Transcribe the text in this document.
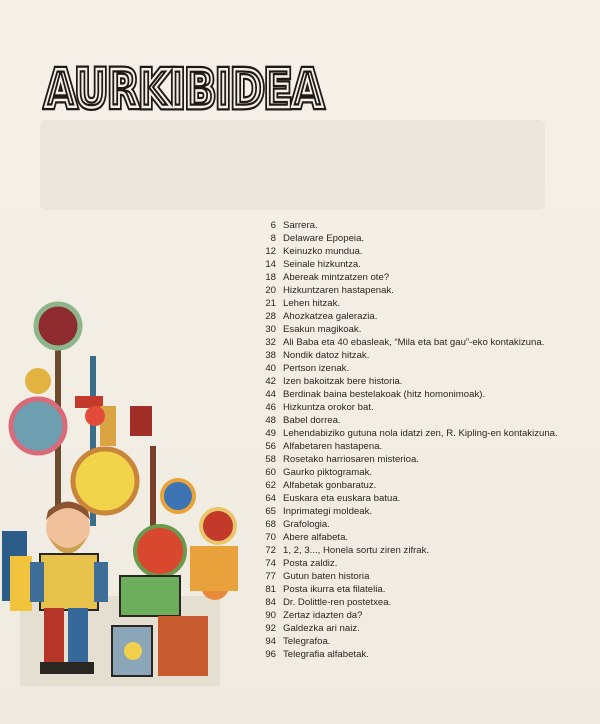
AURKIBIDEA
AURKIBIDEA
6 Sarrera.
8 Delaware Epopeia.
12 Keinuzko mundua.
14 Seinale hizkuntza.
18 Abereak mintzatzen ote?
20 Hizkuntzaren hastapenak.
21 Lehen hitzak.
28 Ahozkatzea galerazia.
30 Esakun magikoak.
32 Ali Baba eta 40 ebasleak, “Mila eta bat gau”-eko kontakizuna.
38 Nondik datoz hitzak.
40 Pertson izenak.
42 Izen bakoitzak bere historia.
44 Berdinak baina bestelakoak (hitz homonimoak).
46 Hizkuntza orokor bat.
48 Babel dorrea.
49 Lehendabiziko gutuna nola idatzi zen, R. Kipling-en kontakizuna.
56 Alfabetaren hastapena.
58 Rosetako harriosaren misterioa.
60 Gaurko piktogramak.
62 Alfabetak gonbaratuz.
64 Euskara eta euskara batua.
65 Inprimategi moldeak.
68 Grafologia.
70 Abere alfabeta.
72 1, 2, 3..., Honela sortu ziren zifrak.
74 Posta zaldiz.
77 Gutun baten historia
81 Posta ikurra eta filatelia.
84 Dr. Dolittle-ren postetxea.
90 Zertaz idazten da?
92 Galdezka ari naiz.
94 Telegrafoa.
96 Telegrafia alfabetak.
